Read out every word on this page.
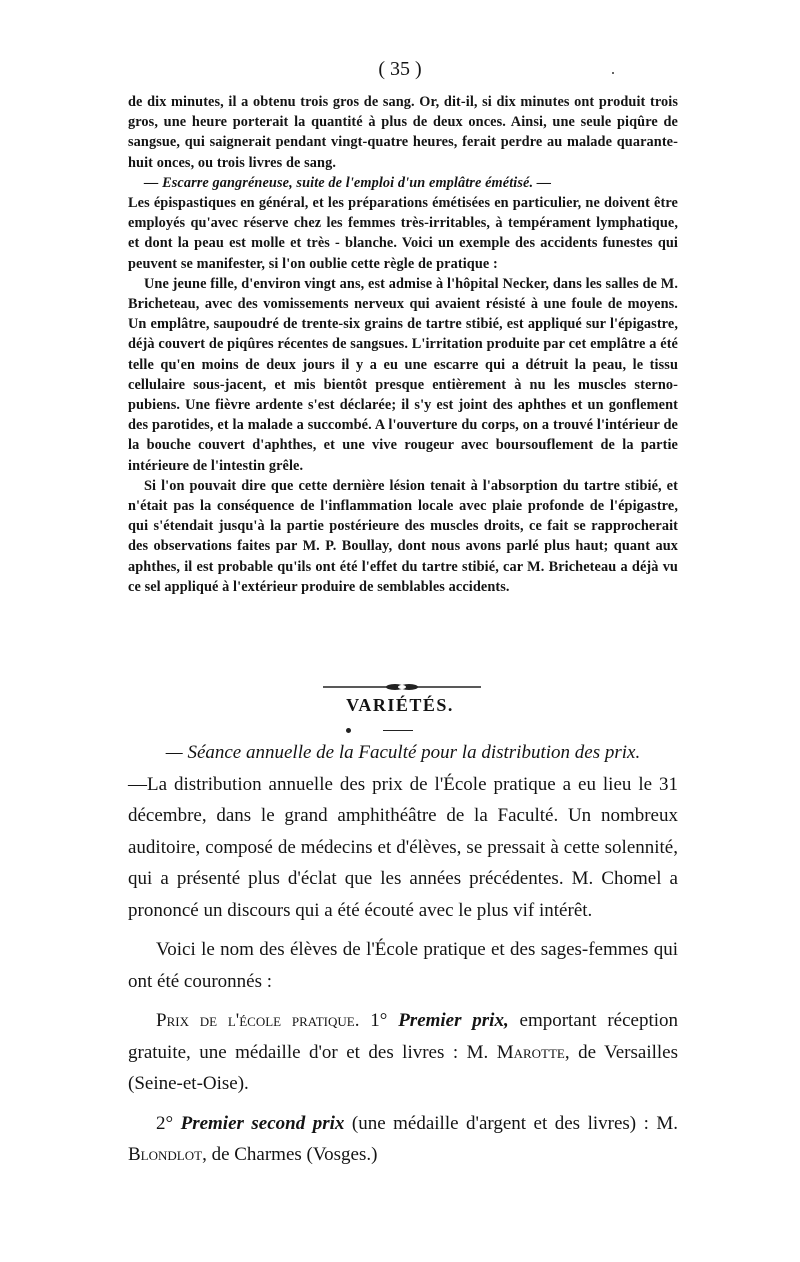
( 35 )

de dix minutes, il a obtenu trois gros de sang. Or, dit-il, si dix minutes ont produit trois gros, une heure porterait la quantité à plus de deux onces. Ainsi, une seule piqûre de sangsue, qui saignerait pendant vingt-quatre heures, ferait perdre au malade quarante-huit onces, ou trois livres de sang.

— Escarre gangréneuse, suite de l'emploi d'un emplâtre émétisé. —

Les épispastiques en général, et les préparations émétisées en particulier, ne doivent être employés qu'avec réserve chez les femmes très-irritables, à tempérament lymphatique, et dont la peau est molle et très - blanche. Voici un exemple des accidents funestes qui peuvent se manifester, si l'on oublie cette règle de pratique :

Une jeune fille, d'environ vingt ans, est admise à l'hôpital Necker, dans les salles de M. Bricheteau, avec des vomissements nerveux qui avaient résisté à une foule de moyens. Un emplâtre, saupoudré de trente-six grains de tartre stibié, est appliqué sur l'épigastre, déjà couvert de piqûres récentes de sangsues. L'irritation produite par cet emplâtre a été telle qu'en moins de deux jours il y a eu une escarre qui a détruit la peau, le tissu cellulaire sous-jacent, et mis bientôt presque entièrement à nu les muscles sterno-pubiens. Une fièvre ardente s'est déclarée; il s'y est joint des aphthes et un gonflement des parotides, et la malade a succombé. A l'ouverture du corps, on a trouvé l'intérieur de la bouche couvert d'aphthes, et une vive rougeur avec boursouflement de la partie intérieure de l'intestin grêle.

Si l'on pouvait dire que cette dernière lésion tenait à l'absorption du tartre stibié, et n'était pas la conséquence de l'inflammation locale avec plaie profonde de l'épigastre, qui s'étendait jusqu'à la partie postérieure des muscles droits, ce fait se rapprocherait des observations faites par M. P. Boullay, dont nous avons parlé plus haut; quant aux aphthes, il est probable qu'ils ont été l'effet du tartre stibié, car M. Bricheteau a déjà vu ce sel appliqué à l'extérieur produire de semblables accidents.

VARIÉTÉS.

— Séance annuelle de la Faculté pour la distribution des prix.

—La distribution annuelle des prix de l'École pratique a eu lieu le 31 décembre, dans le grand amphithéâtre de la Faculté. Un nombreux auditoire, composé de médecins et d'élèves, se pressait à cette solennité, qui a présenté plus d'éclat que les années précédentes. M. Chomel a prononcé un discours qui a été écouté avec le plus vif intérêt.

Voici le nom des élèves de l'École pratique et des sages-femmes qui ont été couronnés :

Prix de l'école pratique. 1° Premier prix, emportant réception gratuite, une médaille d'or et des livres : M. Marotte, de Versailles (Seine-et-Oise).

2° Premier second prix (une médaille d'argent et des livres) : M. Blondlot, de Charmes (Vosges.)
